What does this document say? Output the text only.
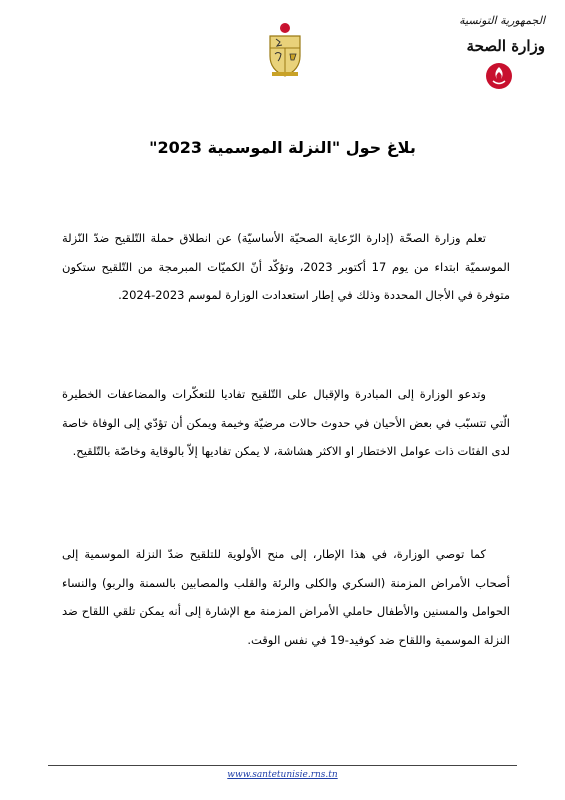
الجمهورية التونسية
وزارة الصحة
بلاغ حول "النزلة الموسمية 2023"

تعلم وزارة الصحّة (إدارة الرّعاية الصحيّة الأساسيّة) عن انطلاق حملة التّلقيح ضدّ النّزلة الموسميّة ابتداء من يوم 17 أكتوبر 2023، وتؤكّد أنّ الكميّات المبرمجة من التّلقيح ستكون متوفرة في الأجال المحددة وذلك في إطار استعدادت الوزارة لموسم 2023-2024.

وتدعو الوزارة إلى المبادرة والإقبال على التّلقيح تفاديا للتعكّرات والمضاعفات الخطيرة الّتي تتسبّب في بعض الأحيان في حدوث حالات مرضيّة وخيمة ويمكن أن تؤدّي إلى الوفاة خاصة لدى الفئات ذات عوامل الاختطار او الاكثر هشاشة، لا يمكن تفاديها إلاّ بالوقاية وخاصّة بالتّلقيح.

كما توصي الوزارة، في هذا الإطار، إلى منح الأولوية للتلقيح ضدّ النزلة الموسمية إلى أصحاب الأمراض المزمنة (السكري والكلى والرئة والقلب والمصابين بالسمنة والربو) والنساء الحوامل والمسنين والأطفال حاملي الأمراض المزمنة مع الإشارة إلى أنه يمكن تلقي اللقاح ضد النزلة الموسمية واللقاح ضد كوفيد-19 في نفس الوقت.

www.santetunisie.rns.tn
